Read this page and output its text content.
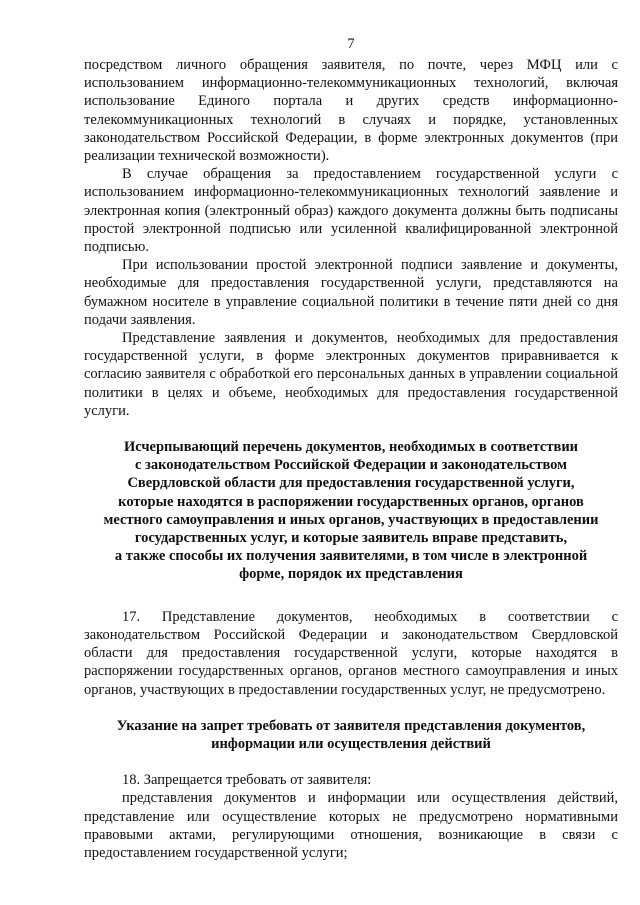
7

посредством личного обращения заявителя, по почте, через МФЦ или с использованием информационно-телекоммуникационных технологий, включая использование Единого портала и других средств информационно-телекоммуникационных технологий в случаях и порядке, установленных законодательством Российской Федерации, в форме электронных документов (при реализации технической возможности).

В случае обращения за предоставлением государственной услуги с использованием информационно-телекоммуникационных технологий заявление и электронная копия (электронный образ) каждого документа должны быть подписаны простой электронной подписью или усиленной квалифицированной электронной подписью.

При использовании простой электронной подписи заявление и документы, необходимые для предоставления государственной услуги, представляются на бумажном носителе в управление социальной политики в течение пяти дней со дня подачи заявления.

Представление заявления и документов, необходимых для предоставления государственной услуги, в форме электронных документов приравнивается к согласию заявителя с обработкой его персональных данных в управлении социальной политики в целях и объеме, необходимых для предоставления государственной услуги.

Исчерпывающий перечень документов, необходимых в соответствии
с законодательством Российской Федерации и законодательством
Свердловской области для предоставления государственной услуги,
которые находятся в распоряжении государственных органов, органов
местного самоуправления и иных органов, участвующих в предоставлении
государственных услуг, и которые заявитель вправе представить,
а также способы их получения заявителями, в том числе в электронной
форме, порядок их представления

17. Представление документов, необходимых в соответствии с законодательством Российской Федерации и законодательством Свердловской области для предоставления государственной услуги, которые находятся в распоряжении государственных органов, органов местного самоуправления и иных органов, участвующих в предоставлении государственных услуг, не предусмотрено.

Указание на запрет требовать от заявителя представления документов,
информации или осуществления действий

18. Запрещается требовать от заявителя:

представления документов и информации или осуществления действий, представление или осуществление которых не предусмотрено нормативными правовыми актами, регулирующими отношения, возникающие в связи с предоставлением государственной услуги;
